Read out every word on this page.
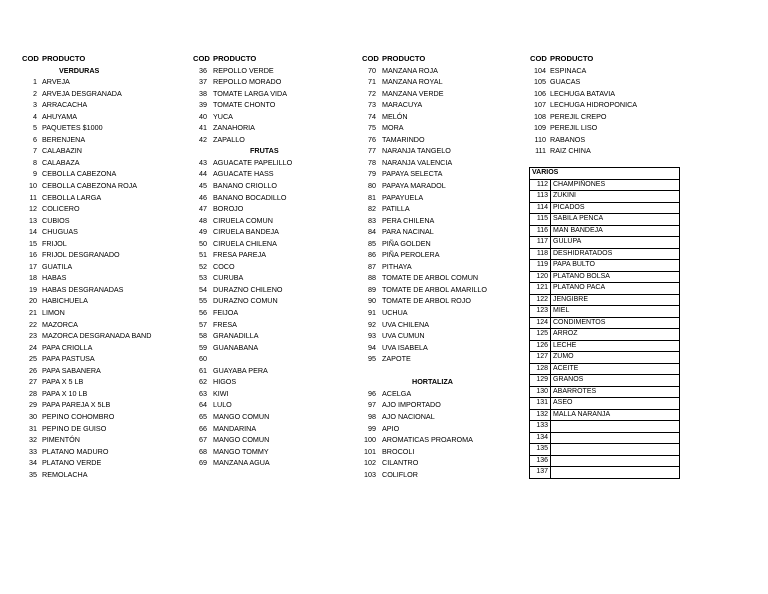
COD PRODUCTO
VERDURAS
1 ARVEJA
2 ARVEJA DESGRANADA
3 ARRACACHA
4 AHUYAMA
5 PAQUETES $1000
6 BERENJENA
7 CALABAZIN
8 CALABAZA
9 CEBOLLA CABEZONA
10 CEBOLLA CABEZONA ROJA
11 CEBOLLA LARGA
12 COLICERO
13 CUBIOS
14 CHUGUAS
15 FRIJOL
16 FRIJOL DESGRANADO
17 GUATILA
18 HABAS
19 HABAS DESGRANADAS
20 HABICHUELA
21 LIMON
22 MAZORCA
23 MAZORCA DESGRANADA BAND
24 PAPA CRIOLLA
25 PAPA PASTUSA
26 PAPA SABANERA
27 PAPA X 5 LB
28 PAPA X 10 LB
29 PAPA PAREJA X 5LB
30 PEPINO COHOMBRO
31 PEPINO DE GUISO
32 PIMENTÓN
33 PLATANO MADURO
34 PLATANO VERDE
35 REMOLACHA
COD PRODUCTO
36 REPOLLO VERDE
37 REPOLLO MORADO
38 TOMATE LARGA VIDA
39 TOMATE CHONTO
40 YUCA
41 ZANAHORIA
42 ZAPALLO
FRUTAS
43 AGUACATE PAPELILLO
44 AGUACATE HASS
45 BANANO CRIOLLO
46 BANANO BOCADILLO
47 BOROJO
48 CIRUELA COMUN
49 CIRUELA BANDEJA
50 CIRUELA CHILENA
51 FRESA PAREJA
52 COCO
53 CURUBA
54 DURAZNO CHILENO
55 DURAZNO COMUN
56 FEIJOA
57 FRESA
58 GRANADILLA
59 GUANABANA
60
61 GUAYABA PERA
62 HIGOS
63 KIWI
64 LULO
65 MANGO COMUN
66 MANDARINA
67 MANGO COMUN
68 MANGO TOMMY
69 MANZANA AGUA
COD PRODUCTO
70 MANZANA ROJA
71 MANZANA ROYAL
72 MANZANA VERDE
73 MARACUYA
74 MELÓN
75 MORA
76 TAMARINDO
77 NARANJA TANGELO
78 NARANJA VALENCIA
79 PAPAYA SELECTA
80 PAPAYA MARADOL
81 PAPAYUELA
82 PATILLA
83 PERA CHILENA
84 PARA NACINAL
85 PIÑA GOLDEN
86 PIÑA PEROLERA
87 PITHAYA
88 TOMATE DE ARBOL COMUN
89 TOMATE DE ARBOL AMARILLO
90 TOMATE DE ARBOL ROJO
91 UCHUA
92 UVA CHILENA
93 UVA CUMUN
94 UVA ISABELA
95 ZAPOTE
HORTALIZA
96 ACELGA
97 AJO IMPORTADO
98 AJO NACIONAL
99 APIO
100 AROMATICAS PROAROMA
101 BROCOLI
102 CILANTRO
103 COLIFLOR
COD PRODUCTO
104 ESPINACA
105 GUACAS
106 LECHUGA BATAVIA
107 LECHUGA HIDROPONICA
108 PEREJIL CREPO
109 PEREJIL LISO
110 RABANOS
111 RAIZ CHINA
VARIOS	
112	CHAMPIÑONES
113	ZUKINI
114	PICADOS
115	SABILA PENCA
116	MAN BANDEJA
117	GULUPA
118	DESHIDRATADOS
119	PAPA BULTO
120	PLATANO BOLSA
121	PLATANO PACA
122	JENGIBRE
123	MIEL
124	CONDIMENTOS
125	ARROZ
126	LECHE
127	ZUMO
128	ACEITE
129	GRANOS
130	ABARROTES
131	ASEO
132	MALLA NARANJA
133	
134	
135	
136	
137	
